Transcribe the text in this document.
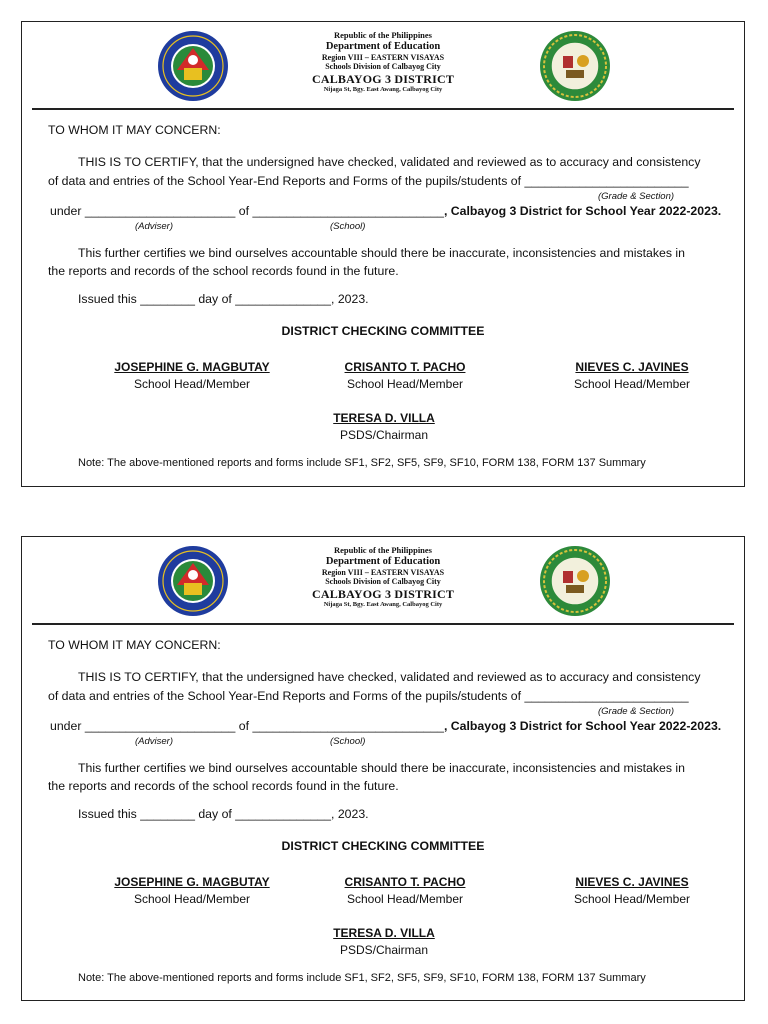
Republic of the Philippines
Department of Education
Region VIII – EASTERN VISAYAS
Schools Division of Calbayog City
CALBAYOG 3 DISTRICT
Nijaga St, Bgy. East Awang, Calbayog City
TO WHOM IT MAY CONCERN:
THIS IS TO CERTIFY, that the undersigned have checked, validated and reviewed as to accuracy and consistency
of data and entries of the School Year-End Reports and Forms of the pupils/students of ________________________
(Grade & Section)
under ______________________ of ____________________________, Calbayog 3 District for School Year 2022-2023.
(Adviser)	(School)
This further certifies we bind ourselves accountable should there be inaccurate, inconsistencies and mistakes in
the reports and records of the school records found in the future.
Issued this ________ day of ______________, 2023.
DISTRICT CHECKING COMMITTEE
JOSEPHINE G. MAGBUTAY
School Head/Member
CRISANTO T. PACHO
School Head/Member
NIEVES C. JAVINES
School Head/Member
TERESA D. VILLA
PSDS/Chairman
Note: The above-mentioned reports and forms include SF1, SF2, SF5, SF9, SF10, FORM 138, FORM 137 Summary
Republic of the Philippines
Department of Education
Region VIII – EASTERN VISAYAS
Schools Division of Calbayog City
CALBAYOG 3 DISTRICT
Nijaga St, Bgy. East Awang, Calbayog City
TO WHOM IT MAY CONCERN:
THIS IS TO CERTIFY, that the undersigned have checked, validated and reviewed as to accuracy and consistency
of data and entries of the School Year-End Reports and Forms of the pupils/students of ________________________
(Grade & Section)
under ______________________ of ____________________________, Calbayog 3 District for School Year 2022-2023.
(Adviser)	(School)
This further certifies we bind ourselves accountable should there be inaccurate, inconsistencies and mistakes in
the reports and records of the school records found in the future.
Issued this ________ day of ______________, 2023.
DISTRICT CHECKING COMMITTEE
JOSEPHINE G. MAGBUTAY
School Head/Member
CRISANTO T. PACHO
School Head/Member
NIEVES C. JAVINES
School Head/Member
TERESA D. VILLA
PSDS/Chairman
Note: The above-mentioned reports and forms include SF1, SF2, SF5, SF9, SF10, FORM 138, FORM 137 Summary
